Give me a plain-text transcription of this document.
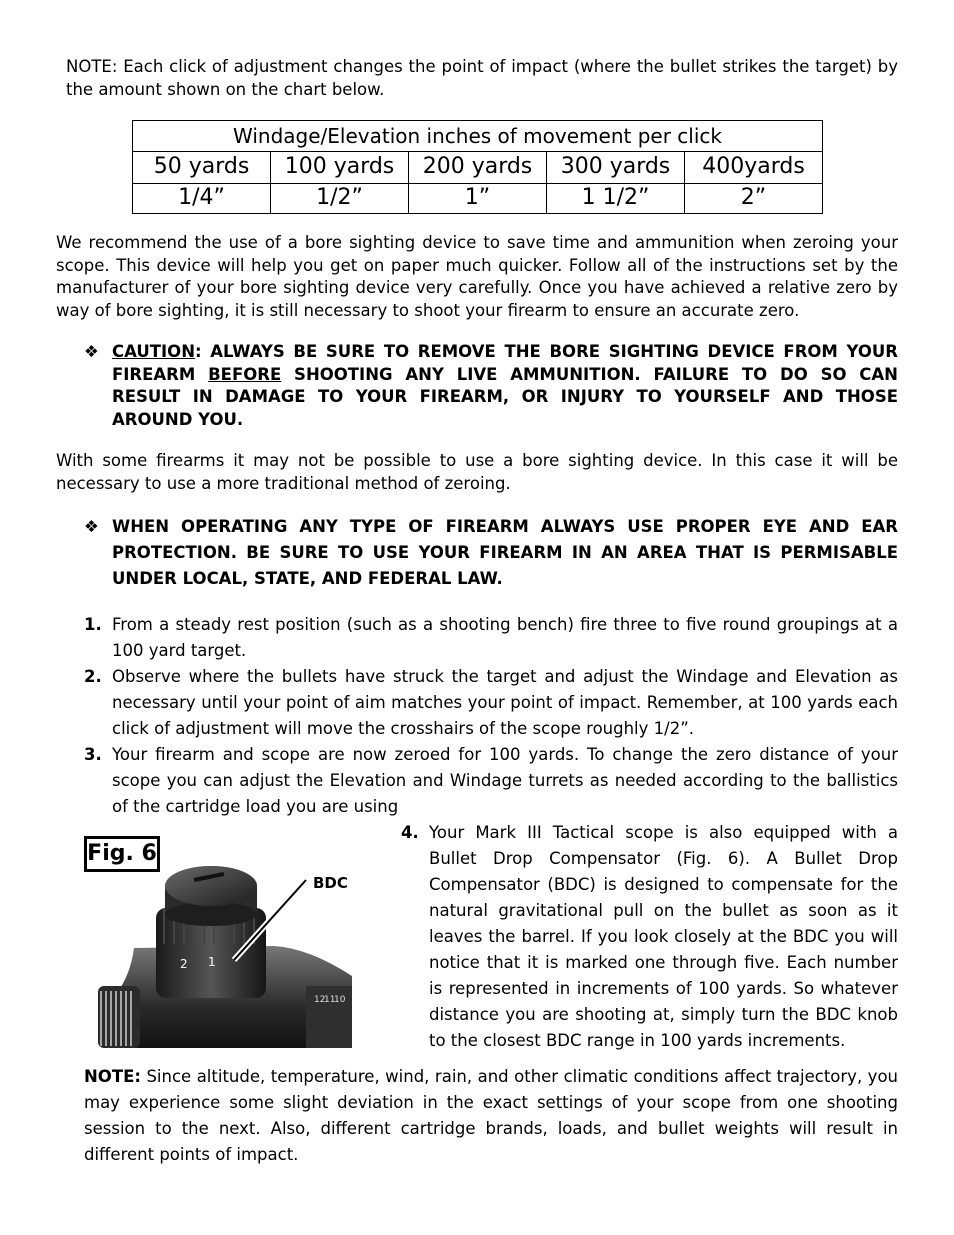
NOTE: Each click of adjustment changes the point of impact (where the bullet strikes the target) by the amount shown on the chart below.
Windage/Elevation inches of movement per click				
50 yards	100 yards	200 yards	300 yards	400yards
1/4”	1/2”	1”	1 1/2”	2”
We recommend the use of a bore sighting device to save time and ammunition when zeroing your scope. This device will help you get on paper much quicker. Follow all of the instructions set by the manufacturer of your bore sighting device very carefully. Once you have achieved a relative zero by way of bore sighting, it is still necessary to shoot your firearm to ensure an accurate zero.
❖ CAUTION: ALWAYS BE SURE TO REMOVE THE BORE SIGHTING DEVICE FROM YOUR FIREARM BEFORE SHOOTING ANY LIVE AMMUNITION. FAILURE TO DO SO CAN RESULT IN DAMAGE TO YOUR FIREARM, OR INJURY TO YOURSELF AND THOSE AROUND YOU.
With some firearms it may not be possible to use a bore sighting device. In this case it will be necessary to use a more traditional method of zeroing.
❖ WHEN OPERATING ANY TYPE OF FIREARM ALWAYS USE PROPER EYE AND EAR PROTECTION. BE SURE TO USE YOUR FIREARM IN AN AREA THAT IS PERMISABLE UNDER LOCAL, STATE, AND FEDERAL LAW.
1. From a steady rest position (such as a shooting bench) fire three to five round groupings at a 100 yard target.
2. Observe where the bullets have struck the target and adjust the Windage and Elevation as necessary until your point of aim matches your point of impact. Remember, at 100 yards each click of adjustment will move the crosshairs of the scope roughly 1/2”.
3. Your firearm and scope are now zeroed for 100 yards. To change the zero distance of your scope you can adjust the Elevation and Windage turrets as needed according to the ballistics of the cartridge load you are using
2 1
12
11
10
Fig. 6
BDC
4. Your Mark III Tactical scope is also equipped with a Bullet Drop Compensator (Fig. 6). A Bullet Drop Compensator (BDC) is designed to compensate for the natural gravitational pull on the bullet as soon as it leaves the barrel. If you look closely at the BDC you will notice that it is marked one through five. Each number is represented in increments of 100 yards. So whatever distance you are shooting at, simply turn the BDC knob to the closest BDC range in 100 yards increments.
NOTE: Since altitude, temperature, wind, rain, and other climatic conditions affect trajectory, you may experience some slight deviation in the exact settings of your scope from one shooting session to the next. Also, different cartridge brands, loads, and bullet weights will result in different points of impact.
